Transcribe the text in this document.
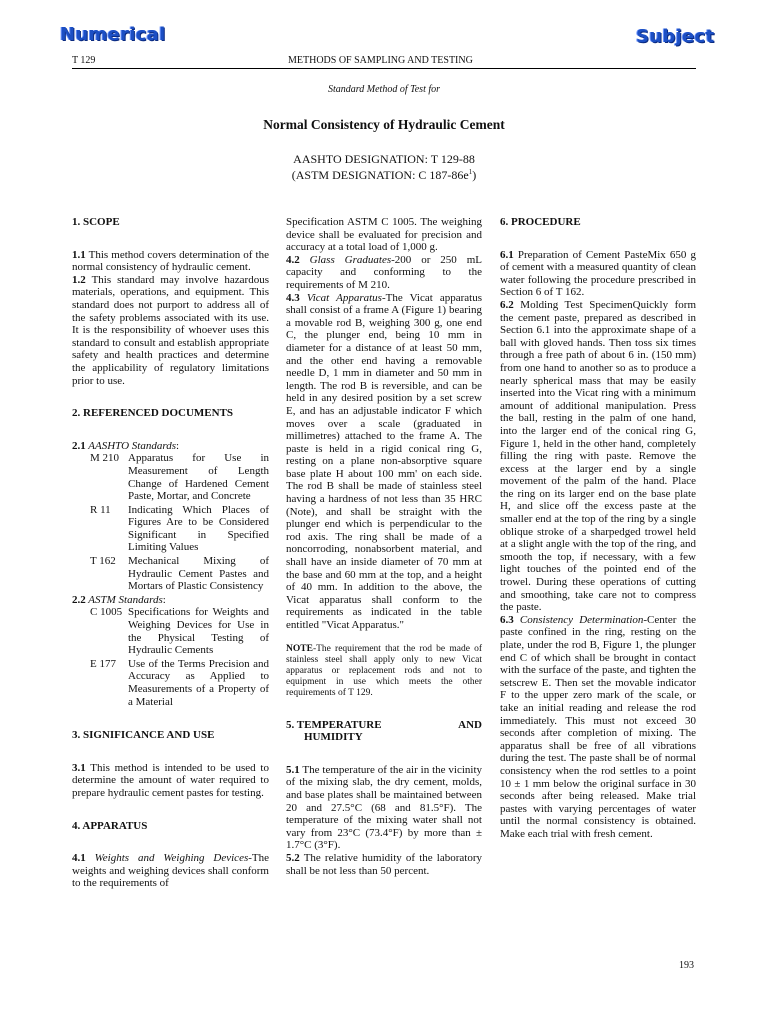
Numerical	Subject
T 129	METHODS OF SAMPLING AND TESTING
Standard Method of Test for
Normal Consistency of Hydraulic Cement
AASHTO DESIGNATION: T 129-88
(ASTM DESIGNATION: C $187-86e^1$)

1. SCOPE

1.1 This method covers determination of the normal consistency of hydraulic cement.

1.2 This standard may involve hazardous materials, operations, and equipment. This standard does not purport to address all of the safety problems associated with its use. It is the responsibility of whoever uses this standard to consult and establish appropriate safety and health practices and determine the applicability of regulatory limitations prior to use.

2. REFERENCED DOCUMENTS

2.1 AASHTO Standards:

M 210 Apparatus for Use in Measurement of Length Change of Hardened Cement Paste, Mortar, and Concrete
R 11	Indicating Which Places of Figures Are to be Considered Significant in Specified Limiting Values
T 162	Mechanical Mixing of Hydraulic Cement Pastes and Mortars of Plastic Consistency

2.2 ASTM Standards:

C 1005 Specifications for Weights and Weighing Devices for Use in the Physical Testing of Hydraulic Cements
E 177	Use of the Terms Precision and Accuracy as Applied to Measurements of a Property of a Material

3. SIGNIFICANCE AND USE

3.1 This method is intended to be used to determine the amount of water required to prepare hydraulic cement pastes for testing.

4. APPARATUS

4.1 Weights and Weighing Devices-The weights and weighing devices shall conform to the requirements of

Specification ASTM C 1005. The weighing device shall be evaluated for precision and accuracy at a total load of 1,000 g.

4.2 Glass Graduates-200 or 250 mL capacity and conforming to the requirements of M 210.

4.3 Vicat Apparatus-The Vicat apparatus shall consist of a frame A (Figure 1) bearing a movable rod B, weighing 300 g, one end C, the plunger end, being 10 mm in diameter for a distance of at least 50 mm, and the other end having a removable needle D, 1 mm in diameter and 50 mm in length. The rod B is reversible, and can be held in any desired position by a set screw E, and has an adjustable indicator F which moves over a scale (graduated in millimetres) attached to the frame A. The paste is held in a rigid conical ring G, resting on a plane non-absorptive square base plate H about 100 mm' on each side. The rod B shall be made of stainless steel having a hardness of not less than 35 HRC (Note), and shall be straight with the plunger end which is perpendicular to the rod axis. The ring shall be made of a noncorroding, nonabsorbent material, and shall have an inside diameter of 70 mm at the base and 60 mm at the top, and a height of 40 mm. In addition to the above, the Vicat apparatus shall conform to the requirements as indicated in the table entitled "Vicat Apparatus."

NOTE-The requirement that the rod be made of stainless steel shall apply only to new Vicat apparatus or replacement rods and not to equipment in use which meets the other requirements of T 129.

5. TEMPERATURE	AND

HUMIDITY

5.1 The temperature of the air in the vicinity of the mixing slab, the dry cement, molds, and base plates shall be maintained between 20 and 27.5°C (68 and 81.5°F). The temperature of the mixing water shall not vary from 23°C (73.4°F) by more than ± 1.7°C (3°F).

5.2 The relative humidity of the laboratory shall be not less than 50 percent.

6. PROCEDURE

6.1 Preparation of Cement PasteMix 650 g of cement with a measured quantity of clean water following the procedure prescribed in Section 6 of T 162.

6.2 Molding Test SpecimenQuickly form the cement paste, prepared as described in Section 6.1 into the approximate shape of a ball with gloved hands. Then toss six times through a free path of about 6 in. (150 mm) from one hand to another so as to produce a nearly spherical mass that may be easily inserted into the Vicat ring with a minimum amount of additional manipulation. Press the ball, resting in the palm of one hand, into the larger end of the conical ring G, Figure 1, held in the other hand, completely filling the ring with paste. Remove the excess at the larger end by a single movement of the palm of the hand. Place the ring on its larger end on the base plate H, and slice off the excess paste at the smaller end at the top of the ring by a single oblique stroke of a sharpedged trowel held at a slight angle with the top of the ring, and smooth the top, if necessary, with a few light touches of the pointed end of the trowel. During these operations of cutting and smoothing, take care not to compress the paste.

6.3 Consistency Determination-Center the paste confined in the ring, resting on the plate, under the rod B, Figure 1, the plunger end C of which shall be brought in contact with the surface of the paste, and tighten the setscrew E. Then set the movable indicator F to the upper zero mark of the scale, or take an initial reading and release the rod immediately. This must not exceed 30 seconds after completion of mixing. The apparatus shall be free of all vibrations during the test. The paste shall be of normal consistency when the rod settles to a point 10 ± 1 mm below the original surface in 30 seconds after being released. Make trial pastes with varying percentages of water until the normal consistency is obtained. Make each trial with fresh cement.

193
